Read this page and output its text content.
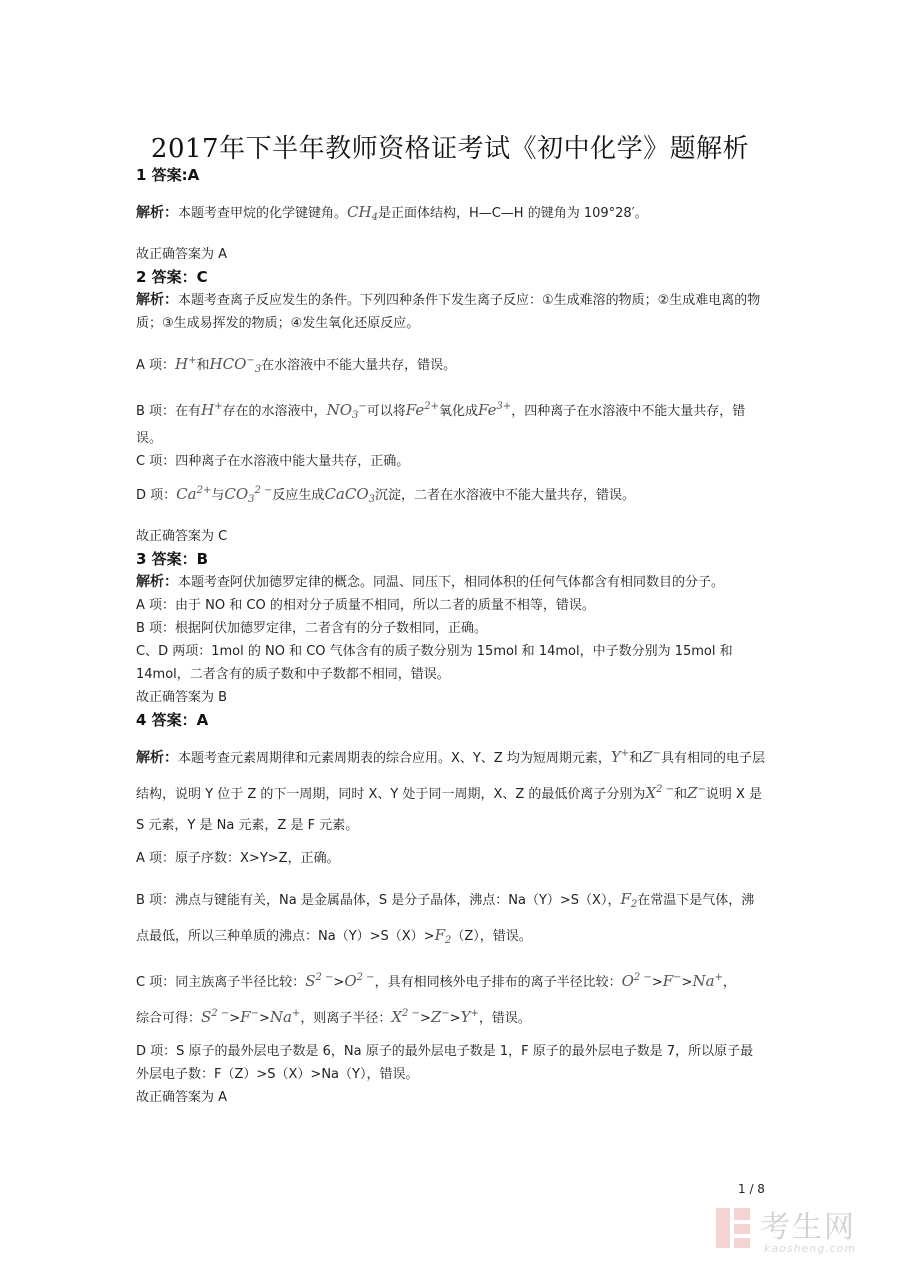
2017年下半年教师资格证考试《初中化学》题解析

1 答案:A

解析：本题考查甲烷的化学键键角。$CH_4$是正面体结构，H—C—H 的键角为 109°28′。

故正确答案为 A

2 答案：C

解析：本题考查离子反应发生的条件。下列四种条件下发生离子反应：①生成难溶的物质；②生成难电离的物质；③生成易挥发的物质；④发生氧化还原反应。

A 项：H+和$HCO^-_3$在水溶液中不能大量共存，错误。

B 项：在有H+存在的水溶液中，$NO_3^-$可以将$Fe^{2+}$氧化成$Fe^{3+}$，四种离子在水溶液中不能大量共存，错误。

C 项：四种离子在水溶液中能大量共存，正确。

D 项：$Ca^{2+}$与$CO_3^{2 -}$反应生成CaCO$_3$沉淀，二者在水溶液中不能大量共存，错误。

故正确答案为 C

3 答案：B

解析：本题考查阿伏加德罗定律的概念。同温、同压下，相同体积的任何气体都含有相同数目的分子。

A 项：由于 NO 和 CO 的相对分子质量不相同，所以二者的质量不相等，错误。

B 项：根据阿伏加德罗定律，二者含有的分子数相同，正确。

C、D 两项：1mol 的 NO 和 CO 气体含有的质子数分别为 15mol 和 14mol，中子数分别为 15mol 和 14mol，二者含有的质子数和中子数都不相同，错误。

故正确答案为 B

4 答案：A

解析：本题考查元素周期律和元素周期表的综合应用。X、Y、Z 均为短周期元素，Y+和Z−具有相同的电子层结构，说明 Y 位于 Z 的下一周期，同时 X、Y 处于同一周期，X、Z 的最低价离子分别为$X^{2 -}$和Z−说明 X 是 S 元素，Y 是 Na 元素，Z 是 F 元素。

A 项：原子序数：X>Y>Z，正确。

B 项：沸点与键能有关，Na 是金属晶体，S 是分子晶体，沸点：Na（Y）>S（X），$F_2$在常温下是气体，沸点最低，所以三种单质的沸点：$Na(Y)>S(X)>F_2(Z)$，错误。

C 项：同主族离子半径比较：$S^{2 -}>O^{2 -}$，具有相同核外电子排布的离子半径比较：$O^{2 -}>F^->Na^+$，
综合可得：$S^{2 -}>F^->Na^+$，则离子半径：$X^{2 -}>Z^->Y^+$，错误。

D 项：S 原子的最外层电子数是 6，Na 原子的最外层电子数是 1，F 原子的最外层电子数是 7，所以原子最外层电子数：F（Z）>S（X）>Na（Y），错误。

故正确答案为 A

1 / 8
考生网
kaosheng.com
